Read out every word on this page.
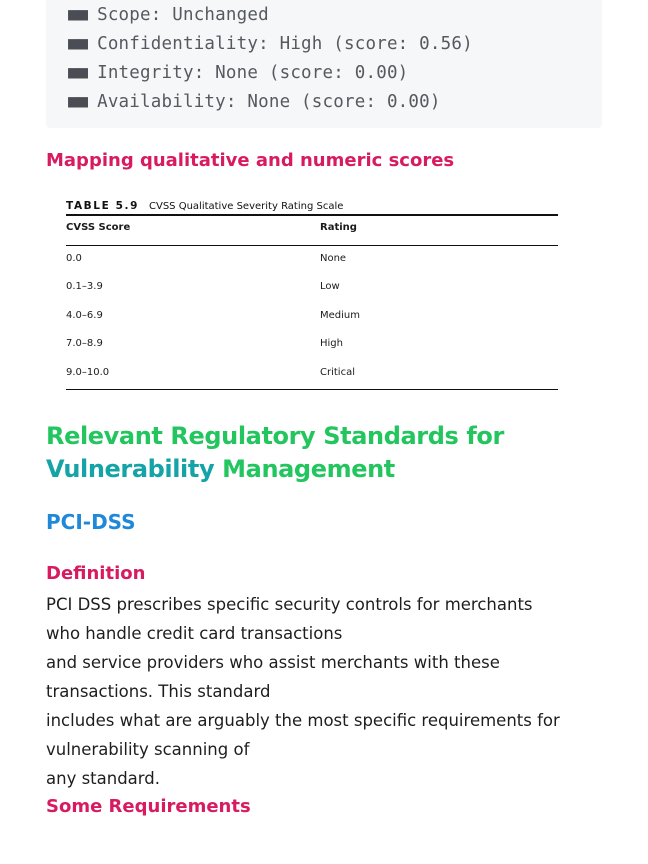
■■ Scope: Unchanged
■■ Confidentiality: High (score: 0.56)
■■ Integrity: None (score: 0.00)
■■ Availability: None (score: 0.00)
Mapping qualitative and numeric scores
TABLE 5.9 CVSS Qualitative Severity Rating Scale
CVSS Score	Rating
0.0	None
0.1–3.9	Low
4.0–6.9	Medium
7.0–8.9	High
9.0–10.0	Critical
Relevant Regulatory Standards for Vulnerability Management
PCI-DSS
Definition
PCI DSS prescribes specific security controls for merchants
who handle credit card transactions
and service providers who assist merchants with these
transactions. This standard
includes what are arguably the most specific requirements for
vulnerability scanning of
any standard.
Some Requirements
